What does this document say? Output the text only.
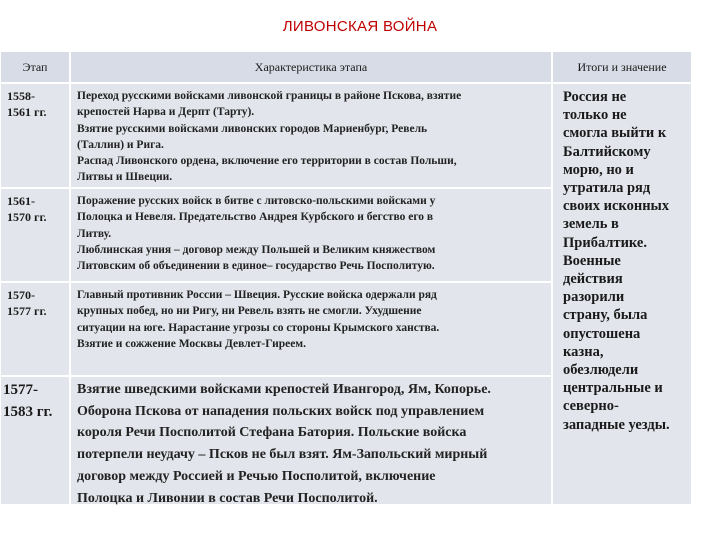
ЛИВОНСКАЯ ВОЙНА
Этап	Характеристика этапа	Итоги и значение
1558-
1561 гг.
Переход русскими войсками ливонской границы в районе Пскова, взятие
крепостей Нарва и Дерпт (Тарту).
Взятие русскими войсками ливонских городов Мариенбург, Ревель
(Таллин) и Рига.
Распад Ливонского ордена, включение его территории в состав Польши,
Литвы и Швеции.
1561-
1570 гг.
Поражение русских войск в битве с литовско-польскими войсками у
Полоцка и Невеля. Предательство Андрея Курбского и бегство его в
Литву.
Люблинская уния – договор между Польшей и Великим княжеством
Литовским об объединении в единое– государство Речь Посполитую.
1570-
1577 гг.
Главный противник России – Швеция. Русские войска одержали ряд
крупных побед, но ни Ригу, ни Ревель взять не смогли. Ухудшение
ситуации на юге. Нарастание угрозы со стороны Крымского ханства.
Взятие и сожжение Москвы Девлет-Гиреем.
1577-
1583 гг.
Взятие шведскими войсками крепостей Ивангород, Ям, Копорье.
Оборона Пскова от нападения польских войск под управлением
короля Речи Посполитой Стефана Батория. Польские войска
потерпели неудачу – Псков не был взят. Ям-Запольский мирный
договор между Россией и Речью Посполитой, включение
Полоцка и Ливонии в состав Речи Посполитой.
Россия не
только не
смогла выйти к
Балтийскому
морю, но и
утратила ряд
своих исконных
земель в
Прибалтике.
Военные
действия
разорили
страну, была
опустошена
казна,
обезлюдели
центральные и
северно-
западные уезды.
